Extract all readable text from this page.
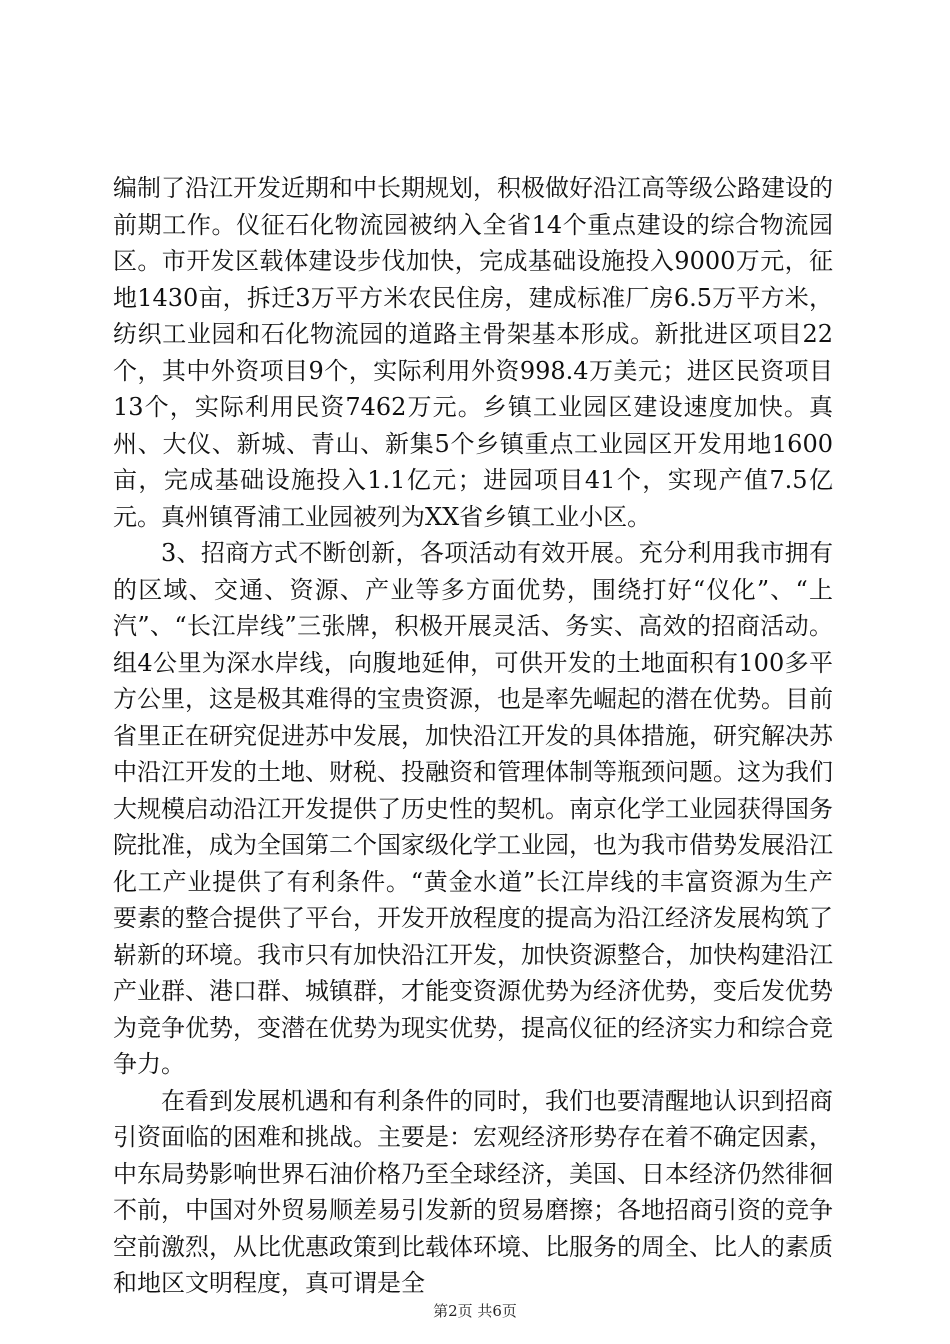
编制了沿江开发近期和中长期规划，积极做好沿江高等级公路建设的前期工作。仪征石化物流园被纳入全省14个重点建设的综合物流园区。市开发区载体建设步伐加快，完成基础设施投入9000万元，征地1430亩，拆迁3万平方米农民住房，建成标准厂房6.5万平方米，纺织工业园和石化物流园的道路主骨架基本形成。新批进区项目22个，其中外资项目9个，实际利用外资998.4万美元；进区民资项目13个，实际利用民资7462万元。乡镇工业园区建设速度加快。真州、大仪、新城、青山、新集5个乡镇重点工业园区开发用地1600亩，完成基础设施投入1.1亿元；进园项目41个，实现产值7.5亿元。真州镇胥浦工业园被列为XX省乡镇工业小区。

3、招商方式不断创新，各项活动有效开展。充分利用我市拥有的区域、交通、资源、产业等多方面优势，围绕打好“仪化”、“上汽”、“长江岸线”三张牌，积极开展灵活、务实、高效的招商活动。组4公里为深水岸线，向腹地延伸，可供开发的土地面积有100多平方公里，这是极其难得的宝贵资源，也是率先崛起的潜在优势。目前省里正在研究促进苏中发展，加快沿江开发的具体措施，研究解决苏中沿江开发的土地、财税、投融资和管理体制等瓶颈问题。这为我们大规模启动沿江开发提供了历史性的契机。南京化学工业园获得国务院批准，成为全国第二个国家级化学工业园，也为我市借势发展沿江化工产业提供了有利条件。“黄金水道”长江岸线的丰富资源为生产要素的整合提供了平台，开发开放程度的提高为沿江经济发展构筑了崭新的环境。我市只有加快沿江开发，加快资源整合，加快构建沿江产业群、港口群、城镇群，才能变资源优势为经济优势，变后发优势为竞争优势，变潜在优势为现实优势，提高仪征的经济实力和综合竞争力。

在看到发展机遇和有利条件的同时，我们也要清醒地认识到招商引资面临的困难和挑战。主要是：宏观经济形势存在着不确定因素，中东局势影响世界石油价格乃至全球经济，美国、日本经济仍然徘徊不前，中国对外贸易顺差易引发新的贸易磨擦；各地招商引资的竞争空前激烈，从比优惠政策到比载体环境、比服务的周全、比人的素质和地区文明程度，真可谓是全

第2页 共6页
